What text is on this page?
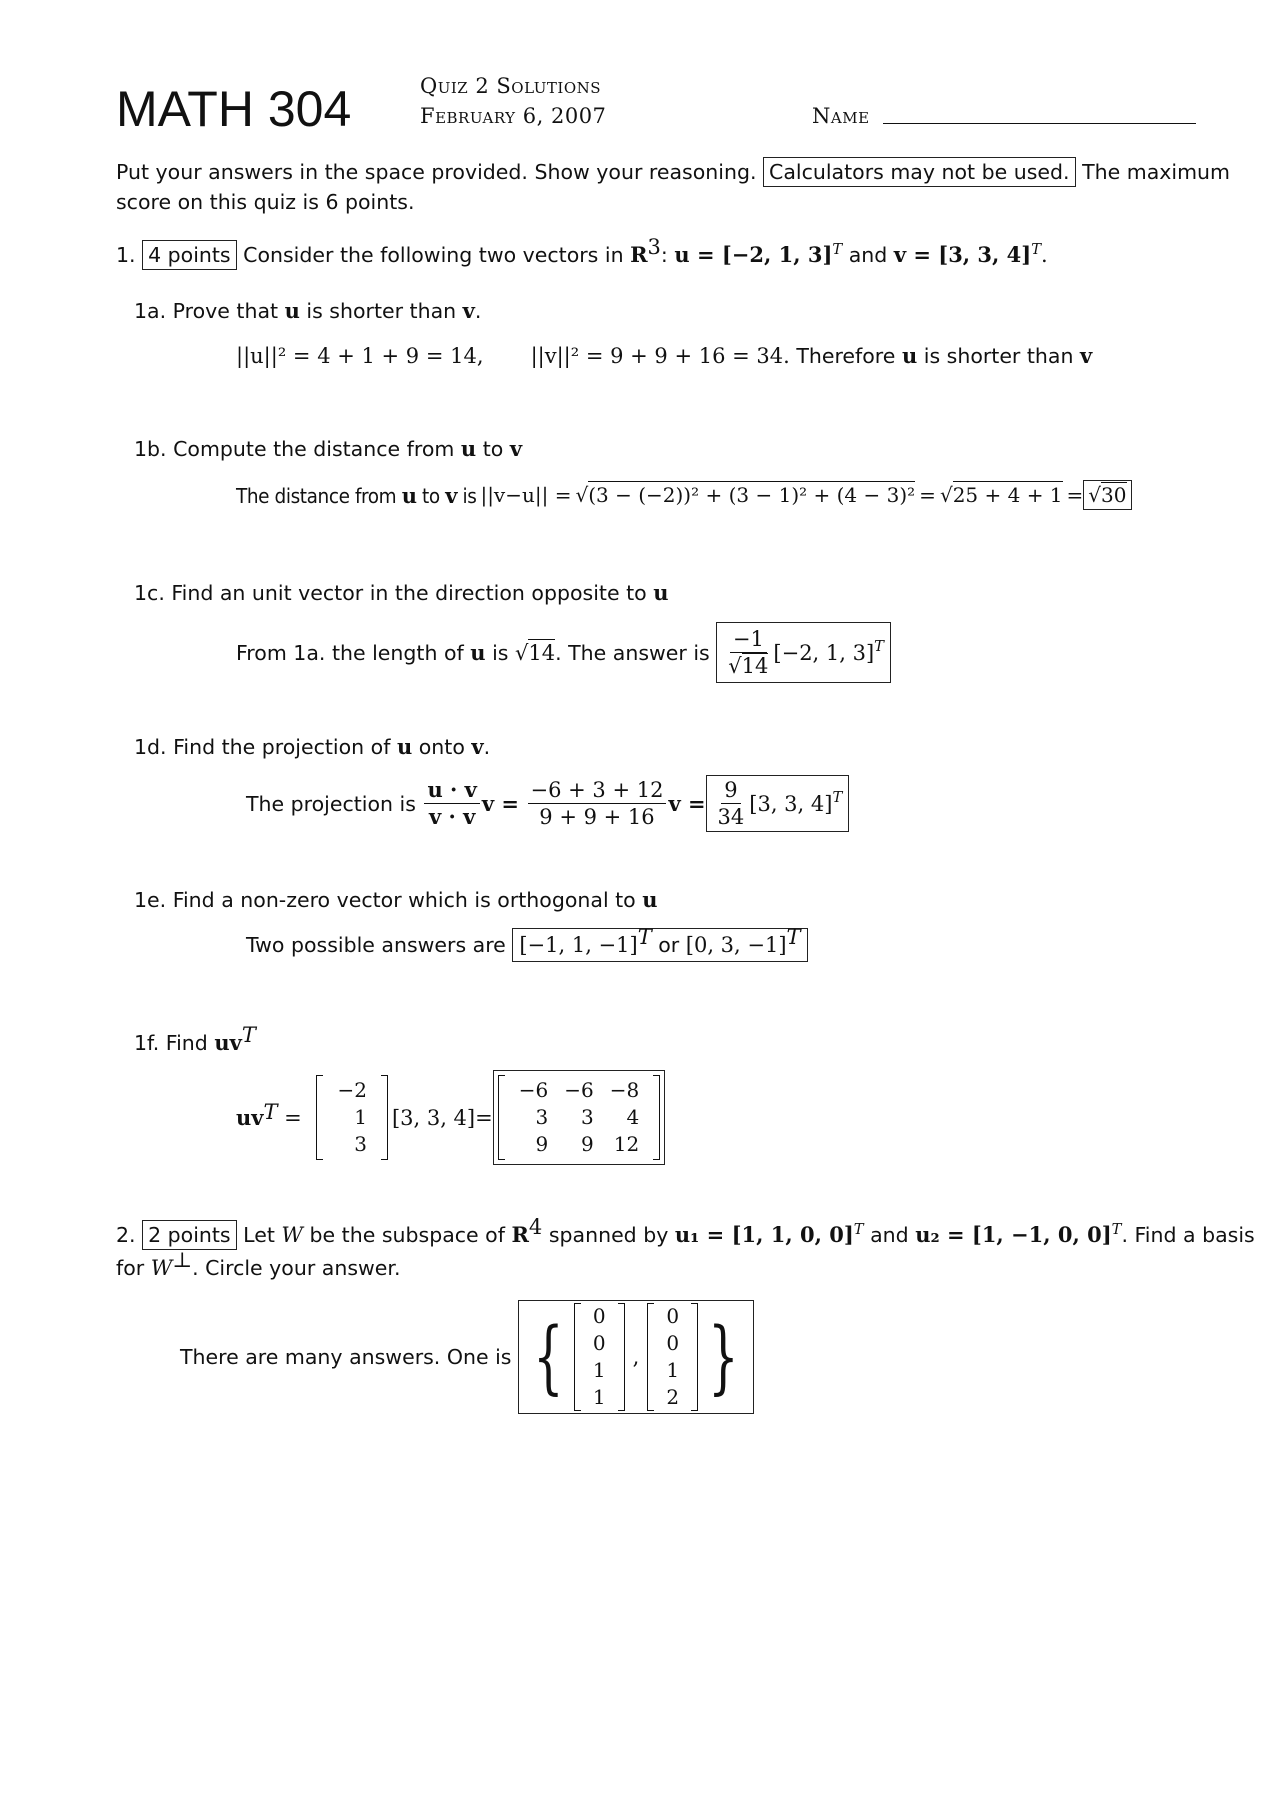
MATH 304	Quiz 2 Solutions
February 6, 2007	Name
Put your answers in the space provided. Show your reasoning. Calculators may not be used. The maximum
score on this quiz is 6 points.
1. 4 points Consider the following two vectors in $R^3$: u = [−2, 1, 3]$^T$ and v = [3, 3, 4]$^T$.
1a. Prove that u is shorter than v.
||u||² = 4 + 1 + 9 = 14, ||v||² = 9 + 9 + 16 = 34. Therefore u is shorter than v
1b. Compute the distance from u to v
The distance from u to v is
||v−u|| =
√(3 − (−2))² + (3 − 1)² + (4 − 3)²
=
√25 + 4 + 1
= √30
1c. Find an unit vector in the direction opposite to u
From 1a. the length of
u
is
√14 . The answer is
$\frac{-1}{√14} [-2$, 1, 3]$^T$
1d. Find the projection of u onto v.
The projection is
$\frac{u \cdot v}{v \cdot v}$ v =
$\frac{-6 + 3 + 12}{9 + 9 + 16}$ $v = \frac{9}{34} [3$, 3, 4]$^T$
1e. Find a non-zero vector which is orthogonal to u
Two possible answers are
[−1, 1, −1]$^T$ or [0, 3, −1]$^T$
1f. Find $uv^T$
$uv^T$ =
−2
1
3
[3, 3, 4] =
−6	−6	−8
3	3	4
9	9	12
2. 2 points Let W be the subspace of $R^4$ spanned by u₁ = [1, 1, 0, 0]$^T$ and u₂ = [1, −1, 0, 0]$^T$. Find a basis
for W⊥. Circle your answer.
There are many answers. One is
{ 0
0
1
1
,
0
0
1
2 }
